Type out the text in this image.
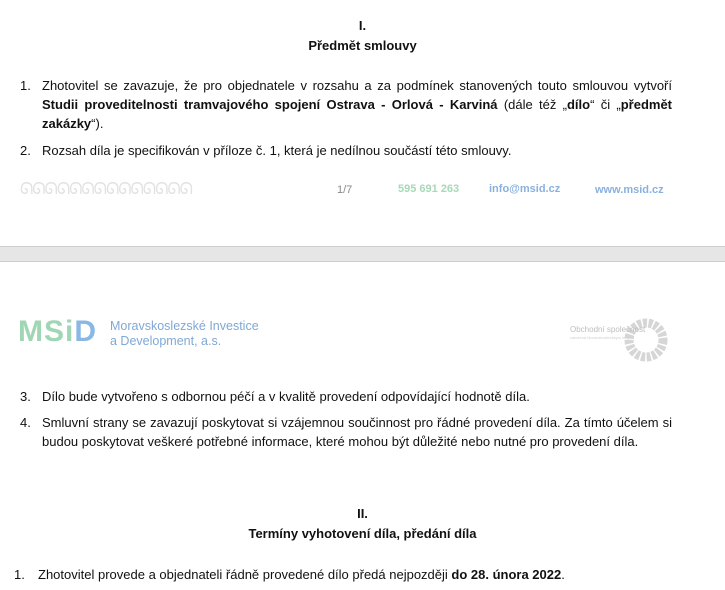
I.
Předmět smlouvy
1. Zhotovitel se zavazuje, že pro objednatele v rozsahu a za podmínek stanovených touto smlouvou vytvoří Studii proveditelnosti tramvajového spojení Ostrava - Orlová - Karviná (dále též „dílo“ či „předmět zakázky“).
2. Rozsah díla je specifikován v příloze č. 1, která je nedílnou součástí této smlouvy.
ᘏᘏᘏᘏᘏᘏᘏᘏᘏᘏᘏᘏᘏᘏ	1/7	595 691 263	info@msid.cz	www.msid.cz
MSiD Moravskoslezské Investice
a Development, a.s.
Obchodní společnost
založená Moravskoslezským krajem
3. Dílo bude vytvořeno s odbornou péčí a v kvalitě provedení odpovídající hodnotě díla.
4. Smluvní strany se zavazují poskytovat si vzájemnou součinnost pro řádné provedení díla. Za tímto účelem si budou poskytovat veškeré potřebné informace, které mohou být důležité nebo nutné pro provedení díla.
II.
Termíny vyhotovení díla, předání díla
1. Zhotovitel provede a objednateli řádně provedené dílo předá nejpozději do 28. února 2022.
